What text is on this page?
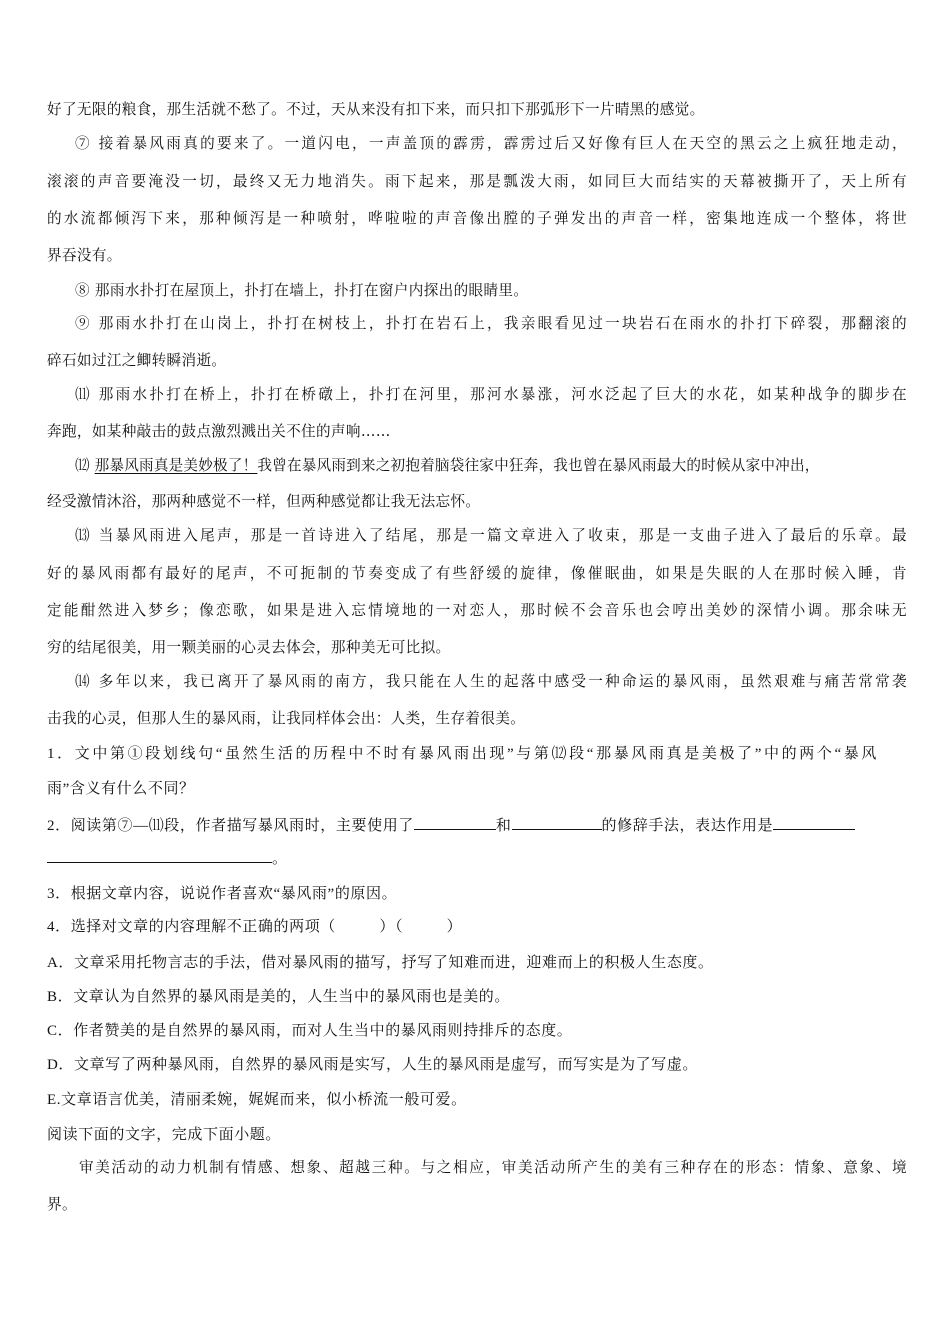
好了无限的粮食，那生活就不愁了。不过，天从来没有扣下来，而只扣下那弧形下一片晴黑的感觉。
⑦ 接着暴风雨真的要来了。一道闪电，一声盖顶的霹雳，霹雳过后又好像有巨人在天空的黑云之上疯狂地走动，
滚滚的声音要淹没一切，最终又无力地消失。雨下起来，那是瓢泼大雨，如同巨大而结实的天幕被撕开了，天上所有
的水流都倾泻下来，那种倾泻是一种喷射，哗啦啦的声音像出膛的子弹发出的声音一样，密集地连成一个整体，将世
界吞没有。
⑧ 那雨水扑打在屋顶上，扑打在墙上，扑打在窗户内探出的眼睛里。
⑨ 那雨水扑打在山岗上，扑打在树枝上，扑打在岩石上，我亲眼看见过一块岩石在雨水的扑打下碎裂，那翻滚的
碎石如过江之鲫转瞬消逝。
⑾ 那雨水扑打在桥上，扑打在桥礅上，扑打在河里，那河水暴涨，河水泛起了巨大的水花，如某种战争的脚步在
奔跑，如某种敲击的鼓点激烈溅出关不住的声响……
⑿ 那暴风雨真是美妙极了！我曾在暴风雨到来之初抱着脑袋往家中狂奔，我也曾在暴风雨最大的时候从家中冲出，
经受激情沐浴，那两种感觉不一样，但两种感觉都让我无法忘怀。
⒀ 当暴风雨进入尾声，那是一首诗进入了结尾，那是一篇文章进入了收束，那是一支曲子进入了最后的乐章。最
好的暴风雨都有最好的尾声，不可扼制的节奏变成了有些舒缓的旋律，像催眠曲，如果是失眠的人在那时候入睡，肯
定能酣然进入梦乡；像恋歌，如果是进入忘情境地的一对恋人，那时候不会音乐也会哼出美妙的深情小调。那余味无
穷的结尾很美，用一颗美丽的心灵去体会，那种美无可比拟。
⒁ 多年以来，我已离开了暴风雨的南方，我只能在人生的起落中感受一种命运的暴风雨，虽然艰难与痛苦常常袭
击我的心灵，但那人生的暴风雨，让我同样体会出：人类，生存着很美。
1．文中第①段划线句“虽然生活的历程中不时有暴风雨出现”与第⑿段“那暴风雨真是美极了”中的两个“暴风
雨”含义有什么不同？
2．阅读第⑦—⑾段，作者描写暴风雨时，主要使用了	和	的修辞手法，表达作用是
。
3．根据文章内容，说说作者喜欢“暴风雨”的原因。
4．选择对文章的内容理解不正确的两项（          ）（          ）
A．文章采用托物言志的手法，借对暴风雨的描写，抒写了知难而进，迎难而上的积极人生态度。
B．文章认为自然界的暴风雨是美的，人生当中的暴风雨也是美的。
C．作者赞美的是自然界的暴风雨，而对人生当中的暴风雨则持排斥的态度。
D．文章写了两种暴风雨，自然界的暴风雨是实写，人生的暴风雨是虚写，而写实是为了写虚。
E.文章语言优美，清丽柔婉，娓娓而来，似小桥流一般可爱。
阅读下面的文字，完成下面小题。
审美活动的动力机制有情感、想象、超越三种。与之相应，审美活动所产生的美有三种存在的形态：情象、意象、境
界。
